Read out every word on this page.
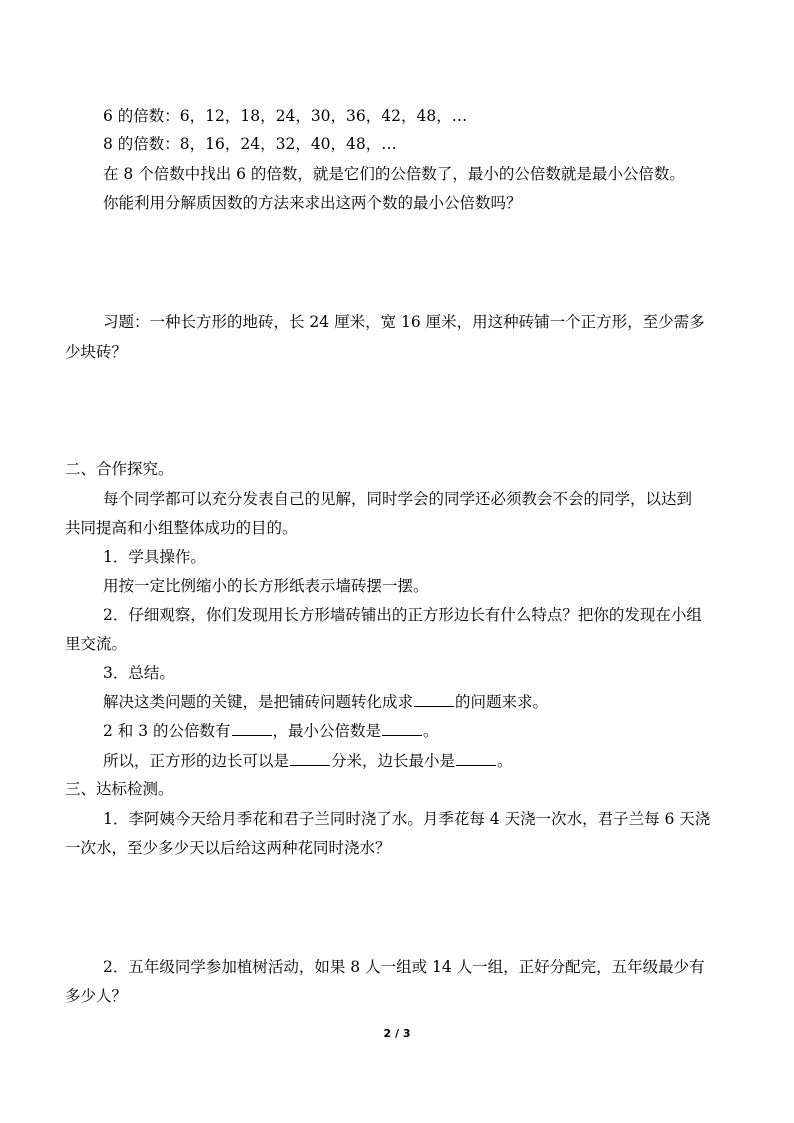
6 的倍数：6，12，18，24，30，36，42，48，…

8 的倍数：8，16，24，32，40，48，…

在 8 个倍数中找出 6 的倍数，就是它们的公倍数了，最小的公倍数就是最小公倍数。

你能利用分解质因数的方法来求出这两个数的最小公倍数吗？

习题：一种长方形的地砖，长 24 厘米，宽 16 厘米，用这种砖铺一个正方形，至少需多

少块砖？

二、合作探究。

每个同学都可以充分发表自己的见解，同时学会的同学还必须教会不会的同学，以达到

共同提高和小组整体成功的目的。

1．学具操作。

用按一定比例缩小的长方形纸表示墙砖摆一摆。

2．仔细观察，你们发现用长方形墙砖铺出的正方形边长有什么特点？把你的发现在小组

里交流。

3．总结。

解决这类问题的关键，是把铺砖问题转化成求	的问题来求。

2 和 3 的公倍数有	，最小公倍数是	。

所以，正方形的边长可以是	分米，边长最小是	。

三、达标检测。

1．李阿姨今天给月季花和君子兰同时浇了水。月季花每 4 天浇一次水，君子兰每 6 天浇

一次水，至少多少天以后给这两种花同时浇水？

2．五年级同学参加植树活动，如果 8 人一组或 14 人一组，正好分配完，五年级最少有

多少人？

2 / 3
